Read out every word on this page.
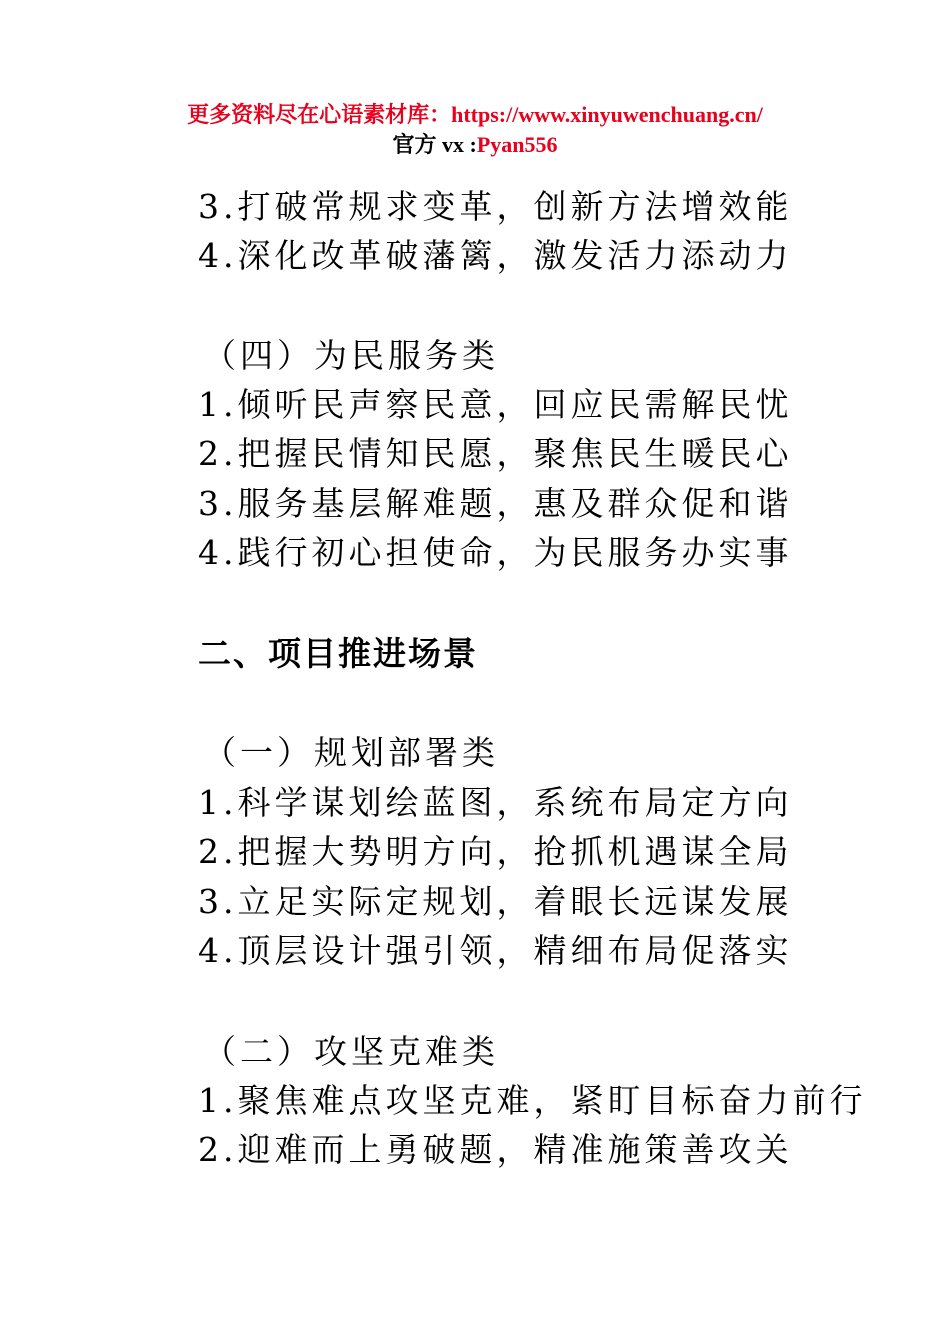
更多资料尽在心语素材库：https://www.xinyuwenchuang.cn/
官方 vx :Pyan556
3.打破常规求变革，创新方法增效能
4.深化改革破藩篱，激发活力添动力
（四）为民服务类
1.倾听民声察民意，回应民需解民忧
2.把握民情知民愿，聚焦民生暖民心
3.服务基层解难题，惠及群众促和谐
4.践行初心担使命，为民服务办实事
二、项目推进场景
（一）规划部署类
1.科学谋划绘蓝图，系统布局定方向
2.把握大势明方向，抢抓机遇谋全局
3.立足实际定规划，着眼长远谋发展
4.顶层设计强引领，精细布局促落实
（二）攻坚克难类
1.聚焦难点攻坚克难，紧盯目标奋力前行
2.迎难而上勇破题，精准施策善攻关
